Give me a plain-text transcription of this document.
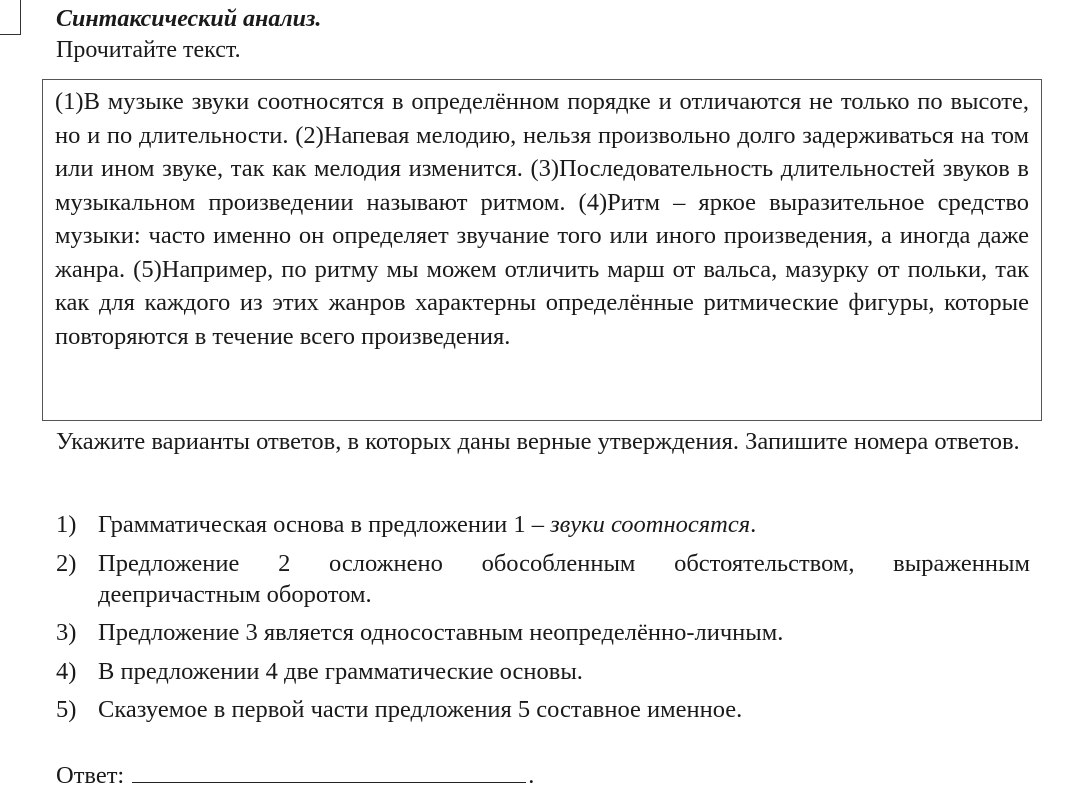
Синтаксический анализ.
Прочитайте текст.

(1)В музыке звуки соотносятся в определённом порядке и отличаются не только по высоте, но и по длительности. (2)Напевая мелодию, нельзя произвольно долго задерживаться на том или ином звуке, так как мелодия изменится. (3)Последовательность длительностей звуков в музыкальном произведении называют ритмом. (4)Ритм – яркое выразительное средство музыки: часто именно он определяет звучание того или иного произведения, а иногда даже жанра. (5)Например, по ритму мы можем отличить марш от вальса, мазурку от польки, так как для каждого из этих жанров характерны определённые ритмические фигуры, которые повторяются в течение всего произведения.

Укажите варианты ответов, в которых даны верные утверждения. Запишите номера ответов.
1) Грамматическая основа в предложении 1 – звуки соотносятся.
2) Предложение 2 осложнено обособленным обстоятельством, выраженным деепричастным оборотом.
3) Предложение 3 является односоставным неопределённо-личным.
4) В предложении 4 две грамматические основы.
5) Сказуемое в первой части предложения 5 составное именное.
Ответ:	.
